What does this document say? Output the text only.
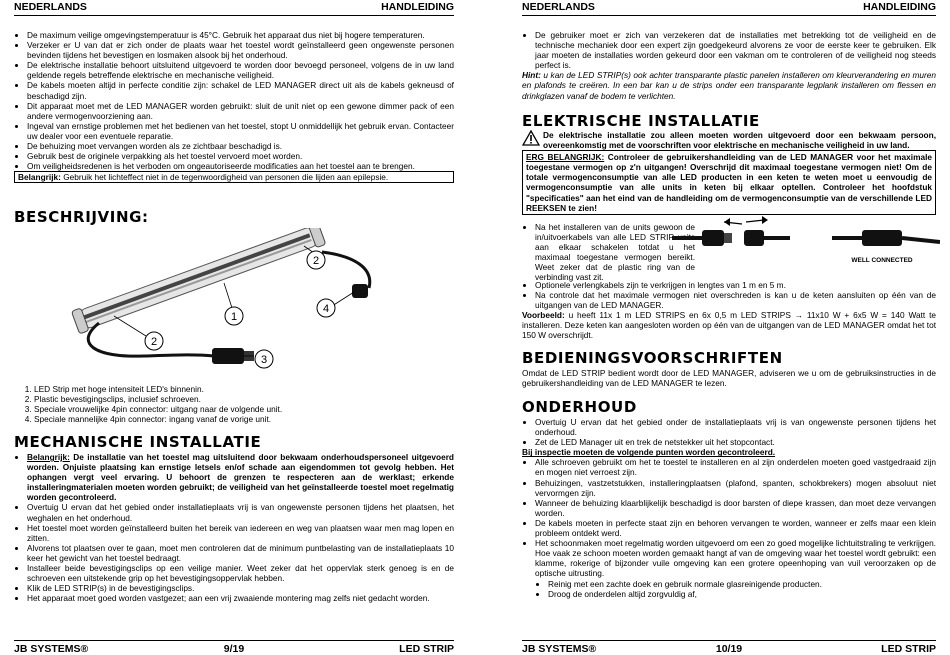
NEDERLANDS	HANDLEIDING
• De maximum veilige omgevingstemperatuur is 45°C. Gebruik het apparaat dus niet bij hogere temperaturen.
• Verzeker er U van dat er zich onder de plaats waar het toestel wordt geïnstalleerd geen ongewenste personen bevinden tijdens het bevestigen en losmaken alsook bij het onderhoud.
• De elektrische installatie behoort uitsluitend uitgevoerd te worden door bevoegd personeel, volgens de in uw land geldende regels betreffende elektrische en mechanische veiligheid.
• De kabels moeten altijd in perfecte conditie zijn: schakel de LED MANAGER direct uit als de kabels gekneusd of beschadigd zijn.
• Dit apparaat moet met de LED MANAGER worden gebruikt: sluit de unit niet op een gewone dimmer pack of een andere vermogenvoorziening aan.
• Ingeval van ernstige problemen met het bedienen van het toestel, stopt U onmiddellijk het gebruik ervan. Contacteer uw dealer voor een eventuele reparatie.
• De behuizing moet vervangen worden als ze zichtbaar beschadigd is.
• Gebruik best de originele verpakking als het toestel vervoerd moet worden.
• Om veiligheidsredenen is het verboden om ongeautoriseerde modificaties aan het toestel aan te brengen.
Belangrijk: Gebruik het lichteffect niet in de tegenwoordigheid van personen die lijden aan epilepsie.
BESCHRIJVING:
1
2
2
3
4
1. LED Strip met hoge intensiteit LED's binnenin.
2. Plastic bevestigingsclips, inclusief schroeven.
3. Speciale vrouwelijke 4pin connector: uitgang naar de volgende unit.
4. Speciale mannelijke 4pin connector: ingang vanaf de vorige unit.
MECHANISCHE INSTALLATIE
• Belangrijk: De installatie van het toestel mag uitsluitend door bekwaam onderhoudspersoneel uitgevoerd worden. Onjuiste plaatsing kan ernstige letsels en/of schade aan eigendommen tot gevolg hebben. Het ophangen vergt veel ervaring. U behoort de grenzen te respecteren aan de werklast; erkende installeringmaterialen moeten worden gebruikt; de veiligheid van het geïnstalleerde toestel moet regelmatig worden gecontroleerd.
• Overtuig U ervan dat het gebied onder installatieplaats vrij is van ongewenste personen tijdens het plaatsen, het weghalen en het onderhoud.
• Het toestel moet worden geïnstalleerd buiten het bereik van iedereen en weg van plaatsen waar men mag lopen en zitten.
• Alvorens tot plaatsen over te gaan, moet men controleren dat de minimum puntbelasting van de installatieplaats 10 keer het gewicht van het toestel bedraagt.
• Installeer beide bevestigingsclips op een veilige manier. Weet zeker dat het oppervlak sterk genoeg is en de schroeven een uitstekende grip op het bevestigingsoppervlak hebben.
• Klik de LED STRIP(s) in de bevestigingsclips.
• Het apparaat moet goed worden vastgezet; aan een vrij zwaaiende montering mag zelfs niet gedacht worden.
JB SYSTEMS®	9/19	LED STRIP
NEDERLANDS	HANDLEIDING
• De gebruiker moet er zich van verzekeren dat de installaties met betrekking tot de veiligheid en de technische mechaniek door een expert zijn goedgekeurd alvorens ze voor de eerste keer te gebruiken. Elk jaar moeten de installaties worden gekeurd door een vakman om te controleren of de veiligheid nog steeds perfect is.
Hint: u kan de LED STRIP(s) ook achter transparante plastic panelen installeren om kleurverandering en muren en plafonds te creëren. In een bar kan u de strips onder een transparante legplank installeren om flessen en drinkglazen vanaf de bodem te verlichten.
ELEKTRISCHE INSTALLATIE
De elektrische installatie zou alleen moeten worden uitgevoerd door een bekwaam persoon, overeenkomstig met de voorschriften voor elektrische en mechanische veiligheid in uw land.
ERG BELANGRIJK: Controleer de gebruikershandleiding van de LED MANAGER voor het maximale toegestane vermogen op z'n uitgangen! Overschrijd dit maximaal toegestane vermogen niet! Om de totale vermogenconsumptie van alle LED producten in een keten te weten moet u eenvoudig de vermogenconsumptie van alle units in keten bij elkaar optellen. Controleer het hoofdstuk "specificaties" aan het eind van de handleiding om de vermogenconsumptie van de verschillende LED REEKSEN te zien!
• Na het installeren van de units gewoon de in/uitvoerkabels van alle LED STRIP units aan elkaar schakelen totdat u het maximaal toegestane vermogen bereikt. Weet zeker dat de plastic ring van de verbinding vast zit.
WELL CONNECTED
• Optionele verlengkabels zijn te verkrijgen in lengtes van 1 m en 5 m.
• Na controle dat het maximale vermogen niet overschreden is kan u de keten aansluiten op één van de uitgangen van de LED MANAGER.
Voorbeeld: u heeft 11x 1 m LED STRIPS en 6x 0,5 m LED STRIPS → 11x10 W + 6x5 W = 140 Watt te installeren. Deze keten kan aangesloten worden op één van de uitgangen van de LED MANAGER omdat het tot 150 W overschrijdt.
BEDIENINGSVOORSCHRIFTEN
Omdat de LED STRIP bedient wordt door de LED MANAGER, adviseren we u om de gebruiksinstructies in de gebruikershandleiding van de LED MANAGER te lezen.
ONDERHOUD
• Overtuig U ervan dat het gebied onder de installatieplaats vrij is van ongewenste personen tijdens het onderhoud.
• Zet de LED Manager uit en trek de netstekker uit het stopcontact.
Bij inspectie moeten de volgende punten worden gecontroleerd.
• Alle schroeven gebruikt om het te toestel te installeren en al zijn onderdelen moeten goed vastgedraaid zijn en mogen niet verroest zijn.
• Behuizingen, vastzetstukken, installeringplaatsen (plafond, spanten, schokbrekers) mogen absoluut niet vervormgen zijn.
• Wanneer de behuizing klaarblijkelijk beschadigd is door barsten of diepe krassen, dan moet deze vervangen worden.
• De kabels moeten in perfecte staat zijn en behoren vervangen te worden, wanneer er zelfs maar een klein probleem ontdekt werd.
• Het schoonmaken moet regelmatig worden uitgevoerd om een zo goed mogelijke lichtuitstraling te verkrijgen. Hoe vaak ze schoon moeten worden gemaakt hangt af van de omgeving waar het toestel wordt gebruikt: een klamme, rokerige of bijzonder vuile omgeving kan een grotere opeenhoping van vuil veroorzaken op de optische uitrusting.
• Reinig met een zachte doek en gebruik normale glasreinigende producten.
• Droog de onderdelen altijd zorgvuldig af,
JB SYSTEMS®	10/19	LED STRIP
